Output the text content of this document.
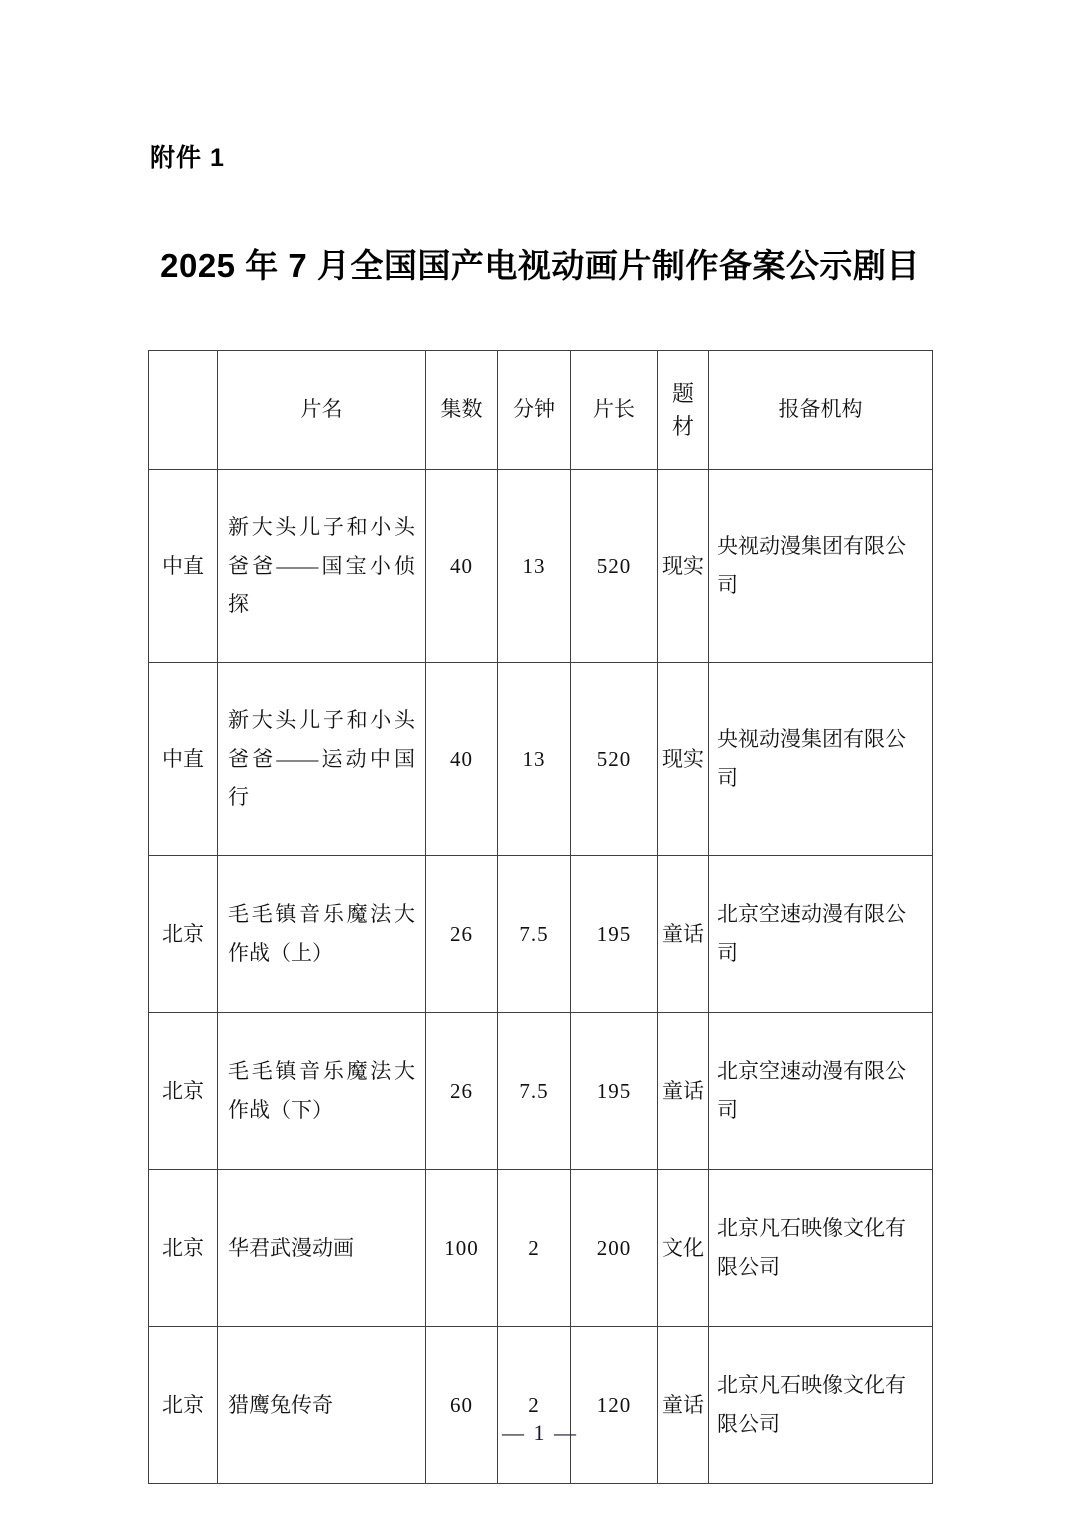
附件 1
2025 年 7 月全国国产电视动画片制作备案公示剧目
	片名	集数	分钟	片长	题材	报备机构
中直	新大头儿子和小头爸爸——国宝小侦探	40	13	520	现实	央视动漫集团有限公司
中直	新大头儿子和小头爸爸——运动中国行	40	13	520	现实	央视动漫集团有限公司
北京	毛毛镇音乐魔法大作战（上）	26	7.5	195	童话	北京空速动漫有限公司
北京	毛毛镇音乐魔法大作战（下）	26	7.5	195	童话	北京空速动漫有限公司
北京	华君武漫动画	100	2	200	文化	北京凡石映像文化有限公司
北京	猎鹰兔传奇	60	2	120	童话	北京凡石映像文化有限公司
— 1 —
